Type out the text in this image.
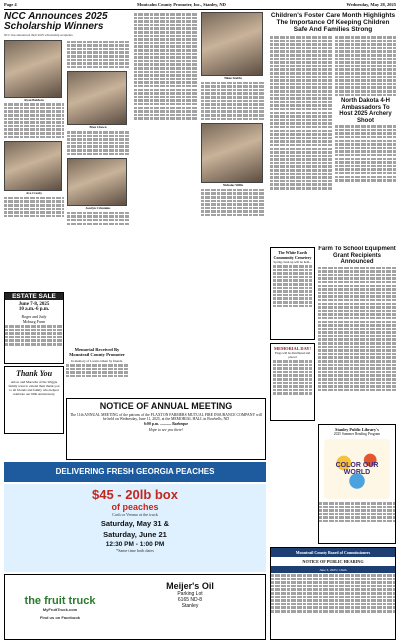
Page 4	Montcalm County Promoter, Inc., Stanley, ND	Wednesday, May 28, 2025
NCC Announces 2025 Scholarship Winners
NCC has announced their 2025 scholarship recipients.
Ryan Baldwin
Ava Crosby
Brea Chown
Jocelyn Crimmins
Tikue Stubbs
Nicholas Willis
Children's Foster Care Month Highlights The Importance Of Keeping Children Safe And Families Strong
North Dakota 4-H Ambassadors To Host 2025 Archery Shoot
Farm To School Equipment Grant Recipients Announced
ESTATE SALE
June 7-8, 2025
10 a.m.-6 p.m.
Roger and Judy
Moburg Farm
Thank You
Arlow and Marcella of the Wiggle family want to extend their thank you to all friends and family who helped celebrate our 60th Anniversary.
Memorial Received By Mountrail County Promoter
In memory of Loretta Olsen by friends.
NOTICE OF ANNUAL MEETING

The 11th ANNUAL MEETING of the patrons of the FLAXTON FARMERS MUTUAL FIRE INSURANCE COMPANY will be held on Wednesday, June 11, 2025, at the MEMORIAL HALL in Bowbells, ND

6:00 p.m. ............ Barbeque

Hope to see you there!

DELIVERING FRESH GEORGIA PEACHES
$45 - 20lb box
of peaches
Cash or Venmo at the truck
Saturday, May 31 &
Saturday, June 21
12:30 PM - 1:00 PM
*Same time both dates
the fruit truck
MyFruitTruck.com
Find us on Facebook
Meijer's Oil
Parking Lot
6165 ND-8
Stanley
The White Earth Community Cemetery
Spring clean up will be held...
MEMORIAL DAY!
Flags will be distributed and placed
Stanley Public Library's
2025 Summer Reading Program
COLOR OUR WORLD
Mountrail County Board of Commissioners
NOTICE OF PUBLIC HEARING
June 3, 2025 | 10am
